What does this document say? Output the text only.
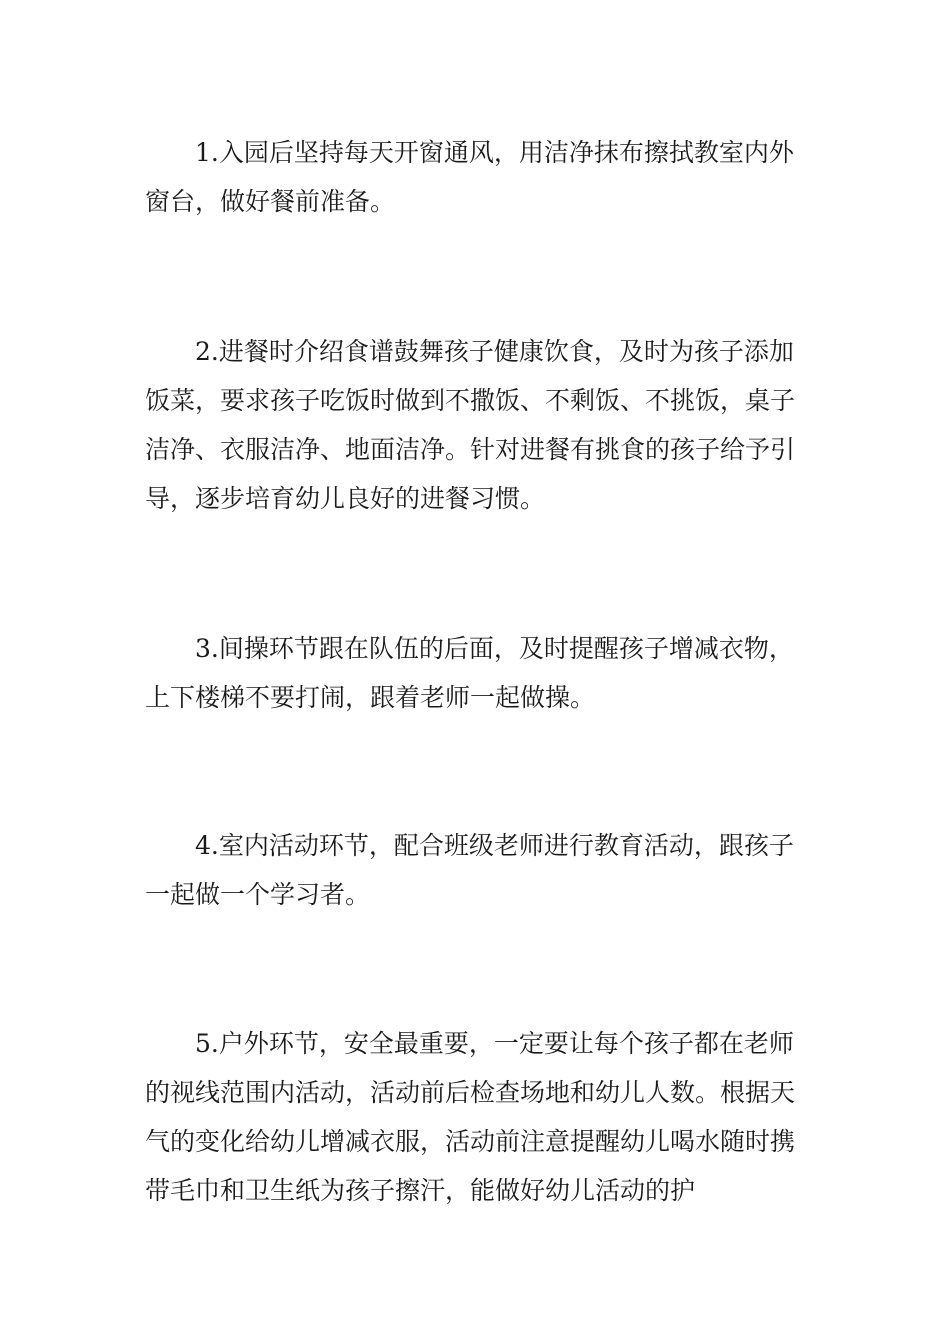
1.入园后坚持每天开窗通风，用洁净抹布擦拭教室内外窗台，做好餐前准备。

2.进餐时介绍食谱鼓舞孩子健康饮食，及时为孩子添加饭菜，要求孩子吃饭时做到不撒饭、不剩饭、不挑饭，桌子洁净、衣服洁净、地面洁净。针对进餐有挑食的孩子给予引导，逐步培育幼儿良好的进餐习惯。

3.间操环节跟在队伍的后面，及时提醒孩子增减衣物，上下楼梯不要打闹，跟着老师一起做操。

4.室内活动环节，配合班级老师进行教育活动，跟孩子一起做一个学习者。

5.户外环节，安全最重要，一定要让每个孩子都在老师的视线范围内活动，活动前后检查场地和幼儿人数。根据天气的变化给幼儿增减衣服，活动前注意提醒幼儿喝水随时携带毛巾和卫生纸为孩子擦汗，能做好幼儿活动的护
